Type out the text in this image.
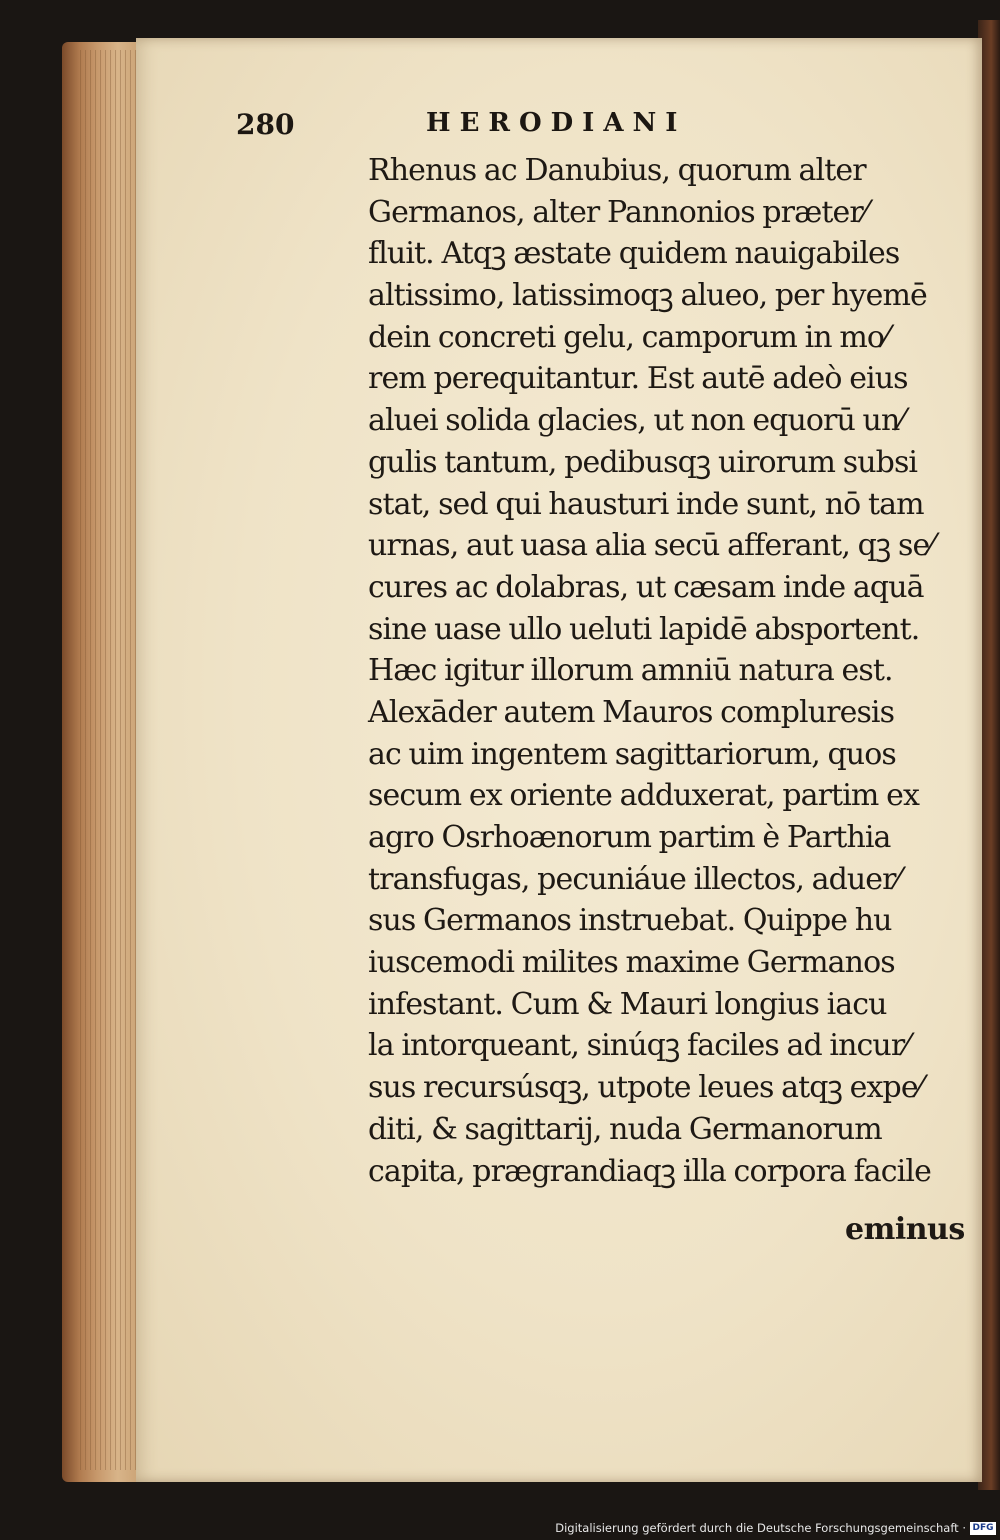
280	HERODIANI
Rhenus ac Danubius, quorum alter
Germanos, alter Pannonios præter⁄
fluit. Atqꝫ æstate quidem nauigabiles
altissimo, latissimoqꝫ alueo, per hyemē
dein concreti gelu, camporum in mo⁄
rem perequitantur. Est autē adeò eius
aluei solida glacies, ut non equorū un⁄
gulis tantum, pedibusqꝫ uirorum subsi
stat, sed qui hausturi inde sunt, nō tam
urnas, aut uasa alia secū afferant, qꝫ se⁄
cures ac dolabras, ut cæsam inde aquā
sine uase ullo ueluti lapidē absportent.
Hæc igitur illorum amniū natura est.
Alexāder autem Mauros compluresis
ac uim ingentem sagittariorum, quos
secum ex oriente adduxerat, partim ex
agro Osrhoænorum partim è Parthia
transfugas, pecuniáue illectos, aduer⁄
sus Germanos instruebat. Quippe hu
iuscemodi milites maxime Germanos
infestant. Cum & Mauri longius iacu
la intorqueant, sinúqꝫ faciles ad incur⁄
sus recursúsqꝫ, utpote leues atqꝫ expe⁄
diti, & sagittarij, nuda Germanorum
capita, prægrandiaqꝫ illa corpora facile
eminus
Digitalisierung gefördert durch die Deutsche Forschungsgemeinschaft · DFG
